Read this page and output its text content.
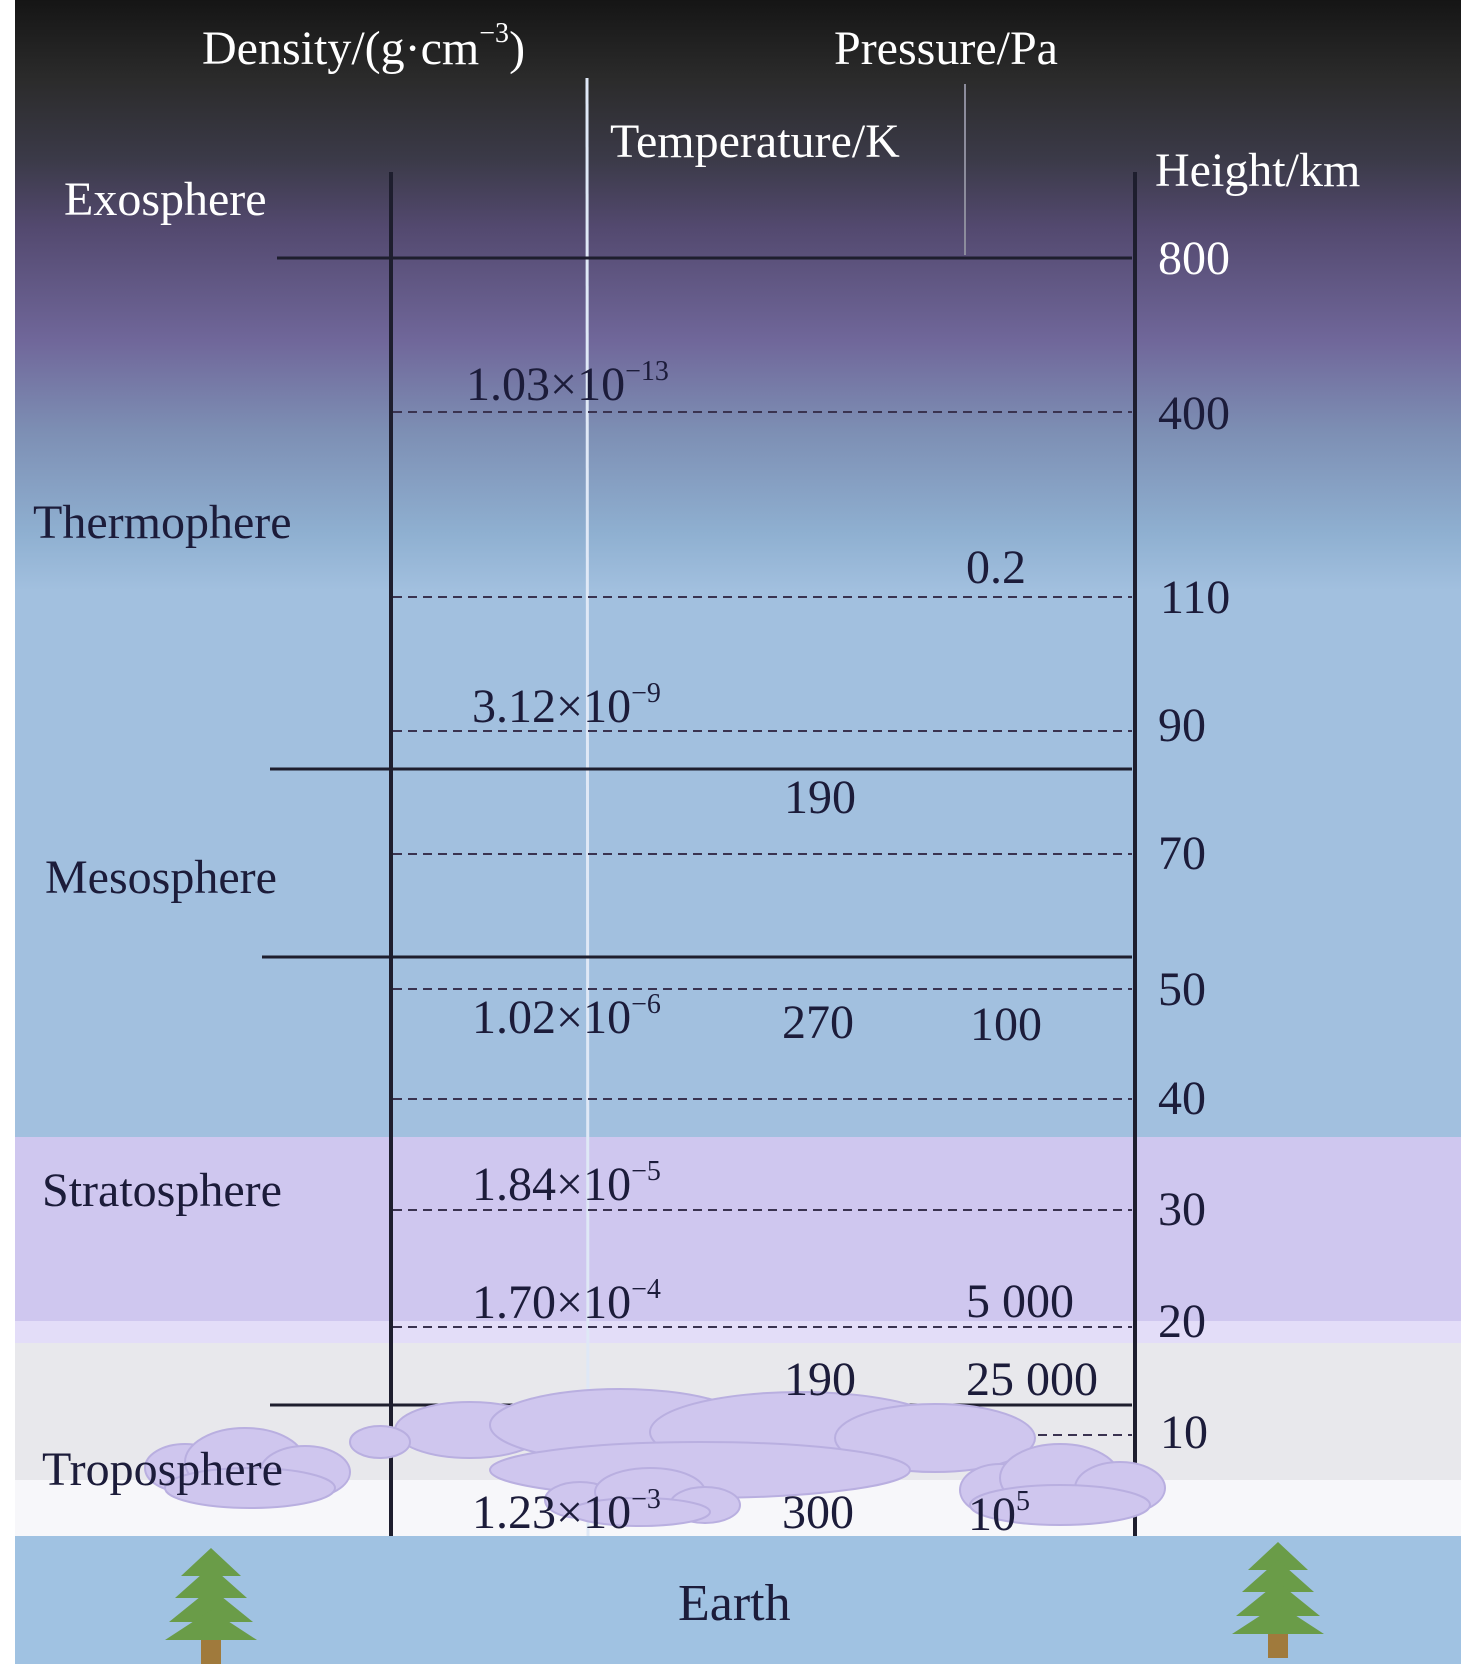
Density/$(g\cdot cm^{-3})$	Pressure/Pa
Temperature/K
Height/km
Exosphere
Thermophere
Mesosphere
Stratosphere
Troposphere
800
400
110
90
70
50
40
30
20
10
$1.03\times 10^{-13}$
$3.12\times 10^{-9}$
$1.02\times 10^{-6}$
$1.84\times 10^{-5}$
$1.70\times 10^{-4}$
$1.23\times 10^{-3}$
190
270
190
300
0.2
100
5 000
25 000
$10^5$
Earth
